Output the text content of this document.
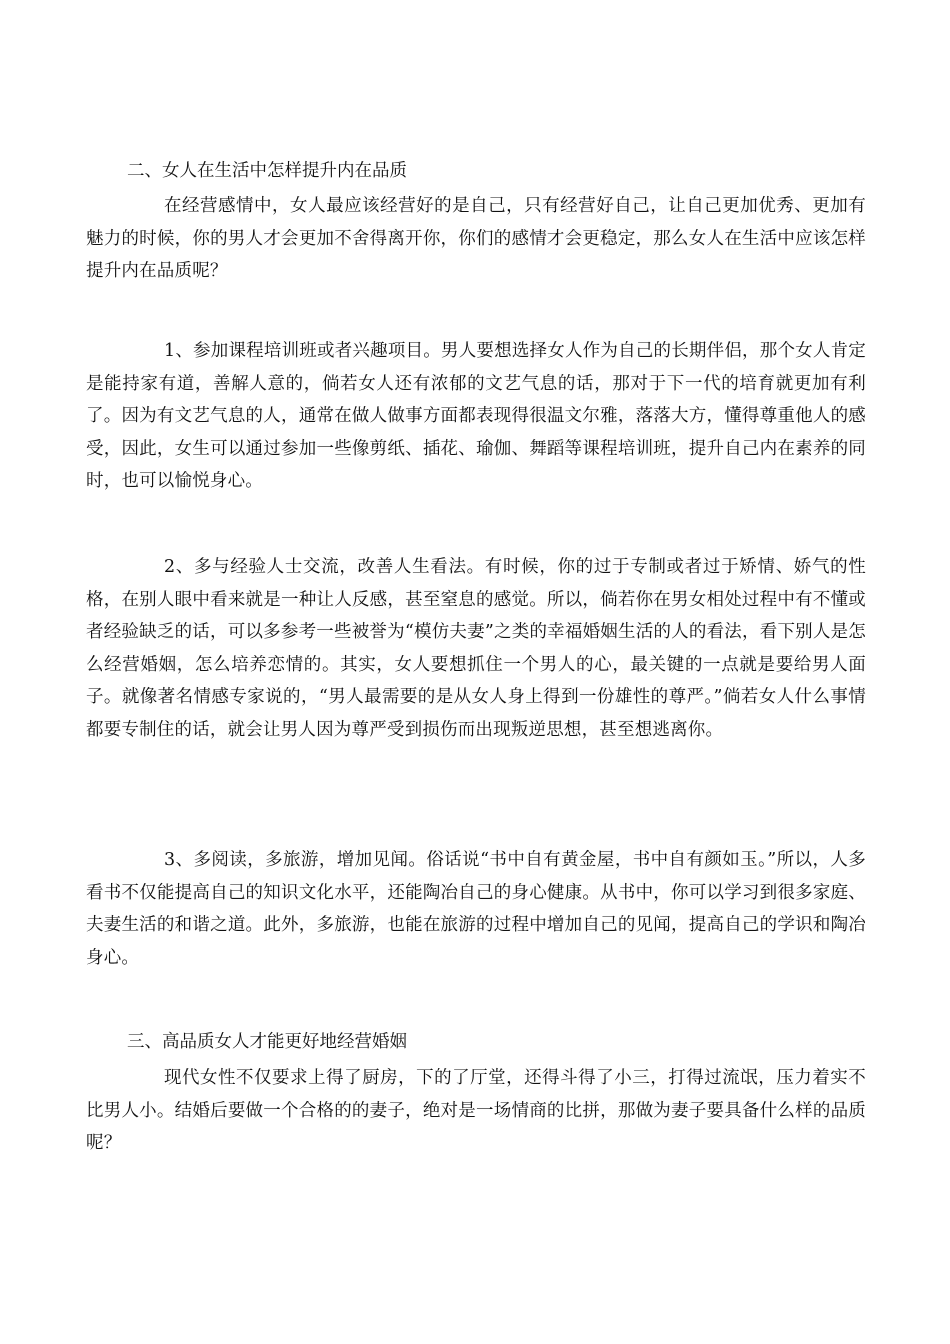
二、女人在生活中怎样提升内在品质

在经营感情中，女人最应该经营好的是自己，只有经营好自己，让自己更加优秀、更加有魅力的时候，你的男人才会更加不舍得离开你，你们的感情才会更稳定，那么女人在生活中应该怎样提升内在品质呢？

1、参加课程培训班或者兴趣项目。男人要想选择女人作为自己的长期伴侣，那个女人肯定是能持家有道，善解人意的，倘若女人还有浓郁的文艺气息的话，那对于下一代的培育就更加有利了。因为有文艺气息的人，通常在做人做事方面都表现得很温文尔雅，落落大方，懂得尊重他人的感受，因此，女生可以通过参加一些像剪纸、插花、瑜伽、舞蹈等课程培训班，提升自己内在素养的同时，也可以愉悦身心。

2、多与经验人士交流，改善人生看法。有时候，你的过于专制或者过于矫情、娇气的性格，在别人眼中看来就是一种让人反感，甚至窒息的感觉。所以，倘若你在男女相处过程中有不懂或者经验缺乏的话，可以多参考一些被誉为“模仿夫妻”之类的幸福婚姻生活的人的看法，看下别人是怎么经营婚姻，怎么培养恋情的。其实，女人要想抓住一个男人的心，最关键的一点就是要给男人面子。就像著名情感专家说的，“男人最需要的是从女人身上得到一份雄性的尊严。”倘若女人什么事情都要专制住的话，就会让男人因为尊严受到损伤而出现叛逆思想，甚至想逃离你。

3、多阅读，多旅游，增加见闻。俗话说“书中自有黄金屋，书中自有颜如玉。”所以，人多看书不仅能提高自己的知识文化水平，还能陶冶自己的身心健康。从书中，你可以学习到很多家庭、夫妻生活的和谐之道。此外，多旅游，也能在旅游的过程中增加自己的见闻，提高自己的学识和陶冶身心。

三、高品质女人才能更好地经营婚姻

现代女性不仅要求上得了厨房，下的了厅堂，还得斗得了小三，打得过流氓，压力着实不比男人小。结婚后要做一个合格的的妻子，绝对是一场情商的比拼，那做为妻子要具备什么样的品质呢？
